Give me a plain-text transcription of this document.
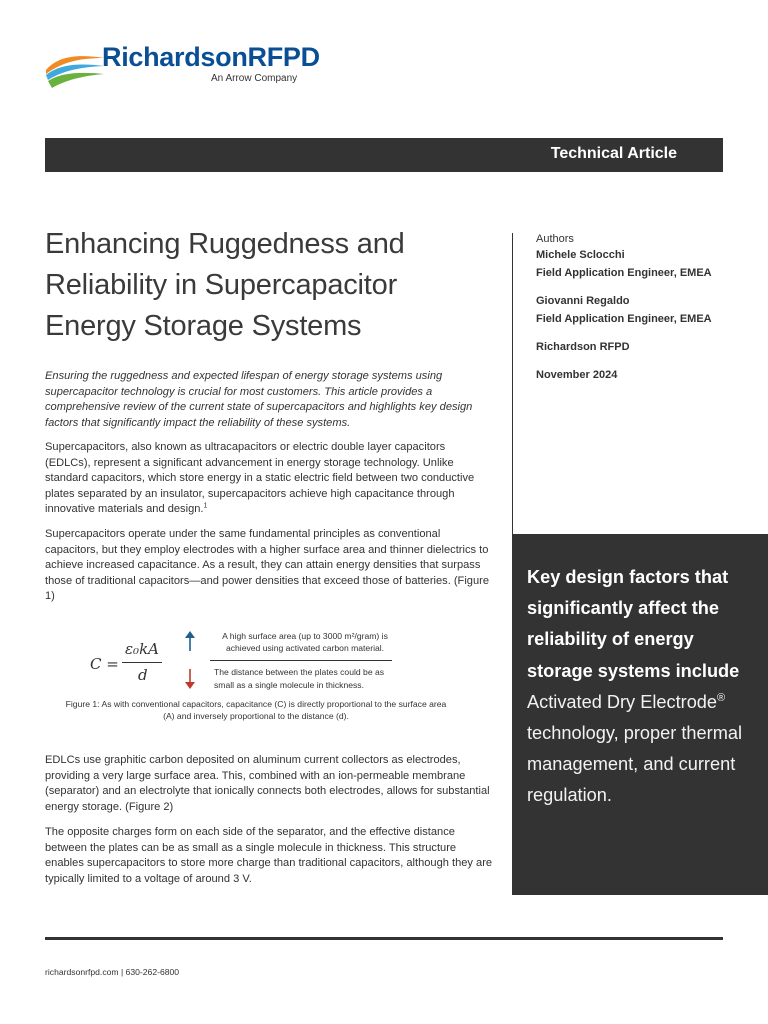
RichardsonRFPD
An Arrow Company
Technical Article
Enhancing Ruggedness and Reliability in Supercapacitor Energy Storage Systems

Ensuring the ruggedness and expected lifespan of energy storage systems using supercapacitor technology is crucial for most customers. This article provides a comprehensive review of the current state of supercapacitors and highlights key design factors that significantly impact the reliability of these systems.

Supercapacitors, also known as ultracapacitors or electric double layer capacitors (EDLCs), represent a significant advancement in energy storage technology. Unlike standard capacitors, which store energy in a static electric field between two conductive plates separated by an insulator, supercapacitors achieve high capacitance through innovative materials and design.$^1$

Supercapacitors operate under the same fundamental principles as conventional capacitors, but they employ electrodes with a higher surface area and thinner dielectrics to achieve increased capacitance. As a result, they can attain energy densities that surpass those of traditional capacitors—and power densities that exceed those of batteries. (Figure 1)

C =
ε₀kA
d
A high surface area (up to 3000 m²/gram) is achieved using activated carbon material.
The distance between the plates could be as small as a single molecule in thickness.
Figure 1: As with conventional capacitors, capacitance (C) is directly proportional to the surface area (A) and inversely proportional to the distance (d).

EDLCs use graphitic carbon deposited on aluminum current collectors as electrodes, providing a very large surface area. This, combined with an ion-permeable membrane (separator) and an electrolyte that ionically connects both electrodes, allows for substantial energy storage. (Figure 2)

The opposite charges form on each side of the separator, and the effective distance between the plates can be as small as a single molecule in thickness. This structure enables supercapacitors to store more charge than traditional capacitors, although they are typically limited to a voltage of around 3 V.

Authors
Michele Sclocchi
Field Application Engineer, EMEA
Giovanni Regaldo
Field Application Engineer, EMEA
Richardson RFPD
November 2024
Key design factors that significantly affect the reliability of energy storage systems include Activated Dry Electrode® technology, proper thermal management, and current regulation.
richardsonrfpd.com | 630-262-6800
